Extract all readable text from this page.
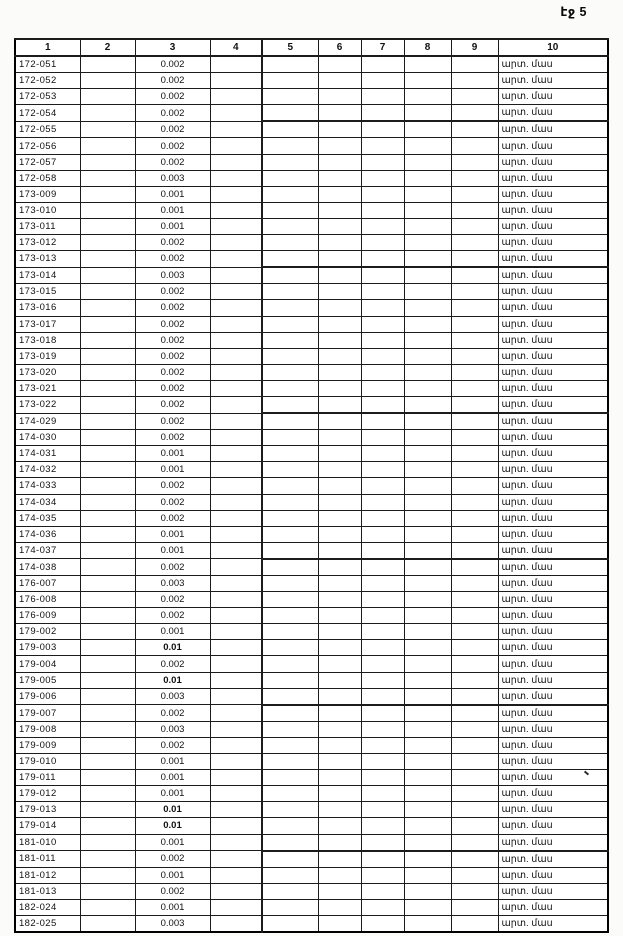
էջ 5
1	2	3	4	5	6	7	8	9	10
172-051		0.002							արտ. մաս
172-052		0.002							արտ. մաս
172-053		0.002							արտ. մաս
172-054		0.002							արտ. մաս
172-055		0.002							արտ. մաս
172-056		0.002							արտ. մաս
172-057		0.002							արտ. մաս
172-058		0.003							արտ. մաս
173-009		0.001							արտ. մաս
173-010		0.001							արտ. մաս
173-011		0.001							արտ. մաս
173-012		0.002							արտ. մաս
173-013		0.002							արտ. մաս
173-014		0.003							արտ. մաս
173-015		0.002							արտ. մաս
173-016		0.002							արտ. մաս
173-017		0.002							արտ. մաս
173-018		0.002							արտ. մաս
173-019		0.002							արտ. մաս
173-020		0.002							արտ. մաս
173-021		0.002							արտ. մաս
173-022		0.002							արտ. մաս
174-029		0.002							արտ. մաս
174-030		0.002							արտ. մաս
174-031		0.001							արտ. մաս
174-032		0.001							արտ. մաս
174-033		0.002							արտ. մաս
174-034		0.002							արտ. մաս
174-035		0.002							արտ. մաս
174-036		0.001							արտ. մաս
174-037		0.001							արտ. մաս
174-038		0.002							արտ. մաս
176-007		0.003							արտ. մաս
176-008		0.002							արտ. մաս
176-009		0.002							արտ. մաս
179-002		0.001							արտ. մաս
179-003		0.01							արտ. մաս
179-004		0.002							արտ. մաս
179-005		0.01							արտ. մաս
179-006		0.003							արտ. մաս
179-007		0.002							արտ. մաս
179-008		0.003							արտ. մաս
179-009		0.002							արտ. մաս
179-010		0.001							արտ. մաս
179-011		0.001							արտ. մաս
179-012		0.001							արտ. մաս
179-013		0.01							արտ. մաս
179-014		0.01							արտ. մաս
181-010		0.001							արտ. մաս
181-011		0.002							արտ. մաս
181-012		0.001							արտ. մաս
181-013		0.002							արտ. մաս
182-024		0.001							արտ. մաս
182-025		0.003							արտ. մաս
